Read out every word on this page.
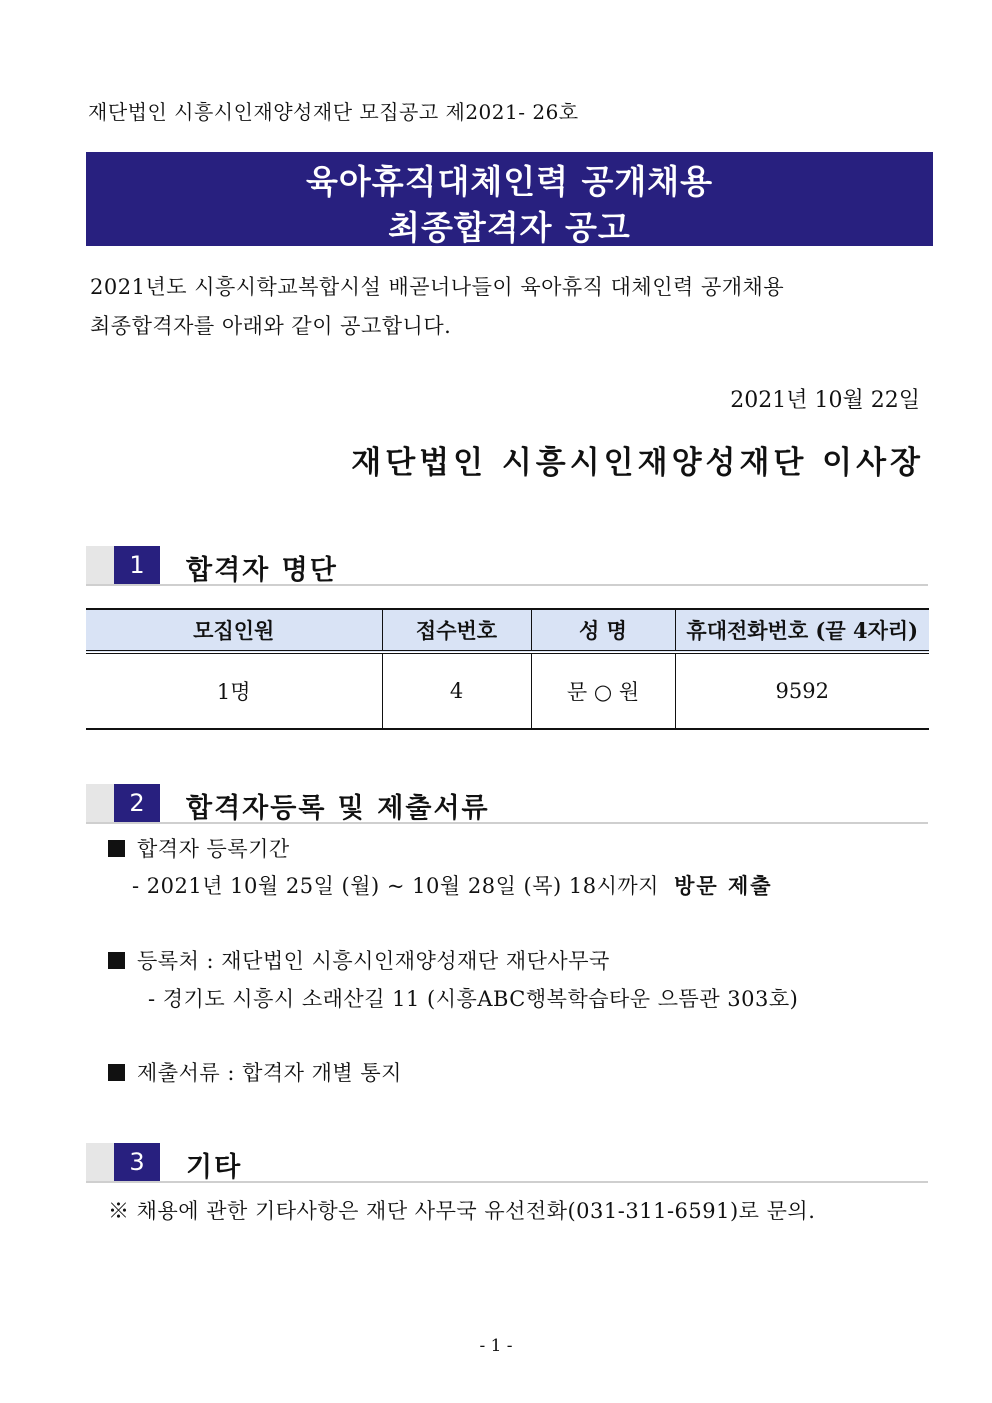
재단법인 시흥시인재양성재단 모집공고 제2021- 26호
육아휴직대체인력 공개채용
최종합격자 공고
2021년도 시흥시학교복합시설 배곧너나들이 육아휴직 대체인력 공개채용
최종합격자를 아래와 같이 공고합니다.
2021년 10월 22일
재단법인 시흥시인재양성재단 이사장
1	합격자 명단
모집인원	접수번호	성 명	휴대전화번호 (끝 4자리)
1명	4	문 ○ 원	9592
2	합격자등록 및 제출서류
합격자 등록기간
- 2021년 10월 25일 (월) ~ 10월 28일 (목) 18시까지 방문 제출
등록처 : 재단법인 시흥시인재양성재단 재단사무국
- 경기도 시흥시 소래산길 11 (시흥ABC행복학습타운 으뜸관 303호)
제출서류 : 합격자 개별 통지
3	기타
※ 채용에 관한 기타사항은 재단 사무국 유선전화(031-311-6591)로 문의.
- 1 -
